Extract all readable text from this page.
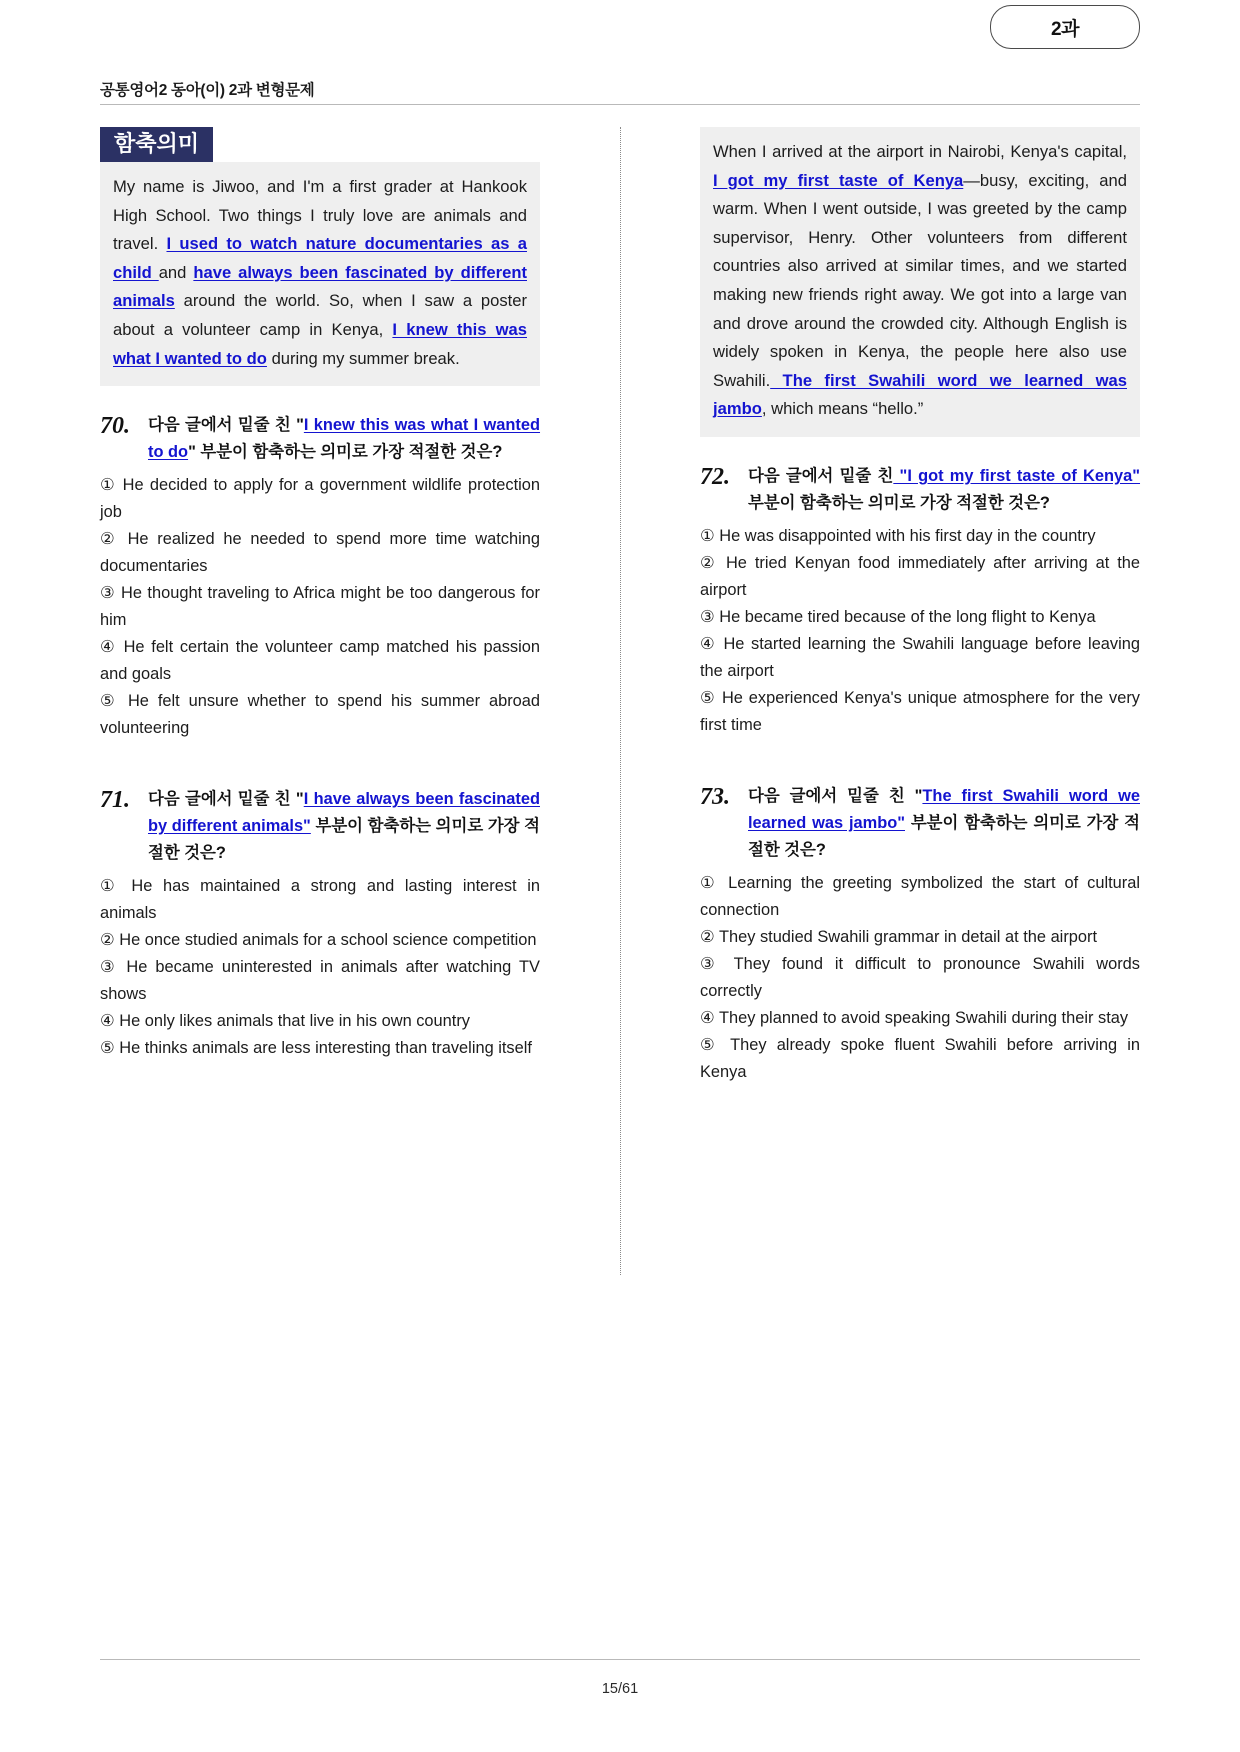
공통영어2 동아(이) 2과 변형문제
2과
함축의미
My name is Jiwoo, and I'm a first grader at Hankook High School. Two things I truly love are animals and travel. I used to watch nature documentaries as a child and have always been fascinated by different animals around the world. So, when I saw a poster about a volunteer camp in Kenya, I knew this was what I wanted to do during my summer break.
70.	다음 글에서 밑줄 친 "I knew this was what I wanted to do" 부분이 함축하는 의미로 가장 적절한 것은?
① He decided to apply for a government wildlife protection job
② He realized he needed to spend more time watching documentaries
③ He thought traveling to Africa might be too dangerous for him
④ He felt certain the volunteer camp matched his passion and goals
⑤ He felt unsure whether to spend his summer abroad volunteering
71.	다음 글에서 밑줄 친 "I have always been fascinated by different animals" 부분이 함축하는 의미로 가장 적절한 것은?
① He has maintained a strong and lasting interest in animals
② He once studied animals for a school science competition
③ He became uninterested in animals after watching TV shows
④ He only likes animals that live in his own country
⑤ He thinks animals are less interesting than traveling itself
When I arrived at the airport in Nairobi, Kenya's capital, I got my first taste of Kenya—busy, exciting, and warm. When I went outside, I was greeted by the camp supervisor, Henry. Other volunteers from different countries also arrived at similar times, and we started making new friends right away. We got into a large van and drove around the crowded city. Although English is widely spoken in Kenya, the people here also use Swahili. The first Swahili word we learned was jambo, which means “hello.”
72.	다음 글에서 밑줄 친 "I got my first taste of Kenya" 부분이 함축하는 의미로 가장 적절한 것은?
① He was disappointed with his first day in the country
② He tried Kenyan food immediately after arriving at the airport
③ He became tired because of the long flight to Kenya
④ He started learning the Swahili language before leaving the airport
⑤ He experienced Kenya's unique atmosphere for the very first time
73.	다음 글에서 밑줄 친 "The first Swahili word we learned was jambo" 부분이 함축하는 의미로 가장 적절한 것은?
① Learning the greeting symbolized the start of cultural connection
② They studied Swahili grammar in detail at the airport
③ They found it difficult to pronounce Swahili words correctly
④ They planned to avoid speaking Swahili during their stay
⑤ They already spoke fluent Swahili before arriving in Kenya
15/61
